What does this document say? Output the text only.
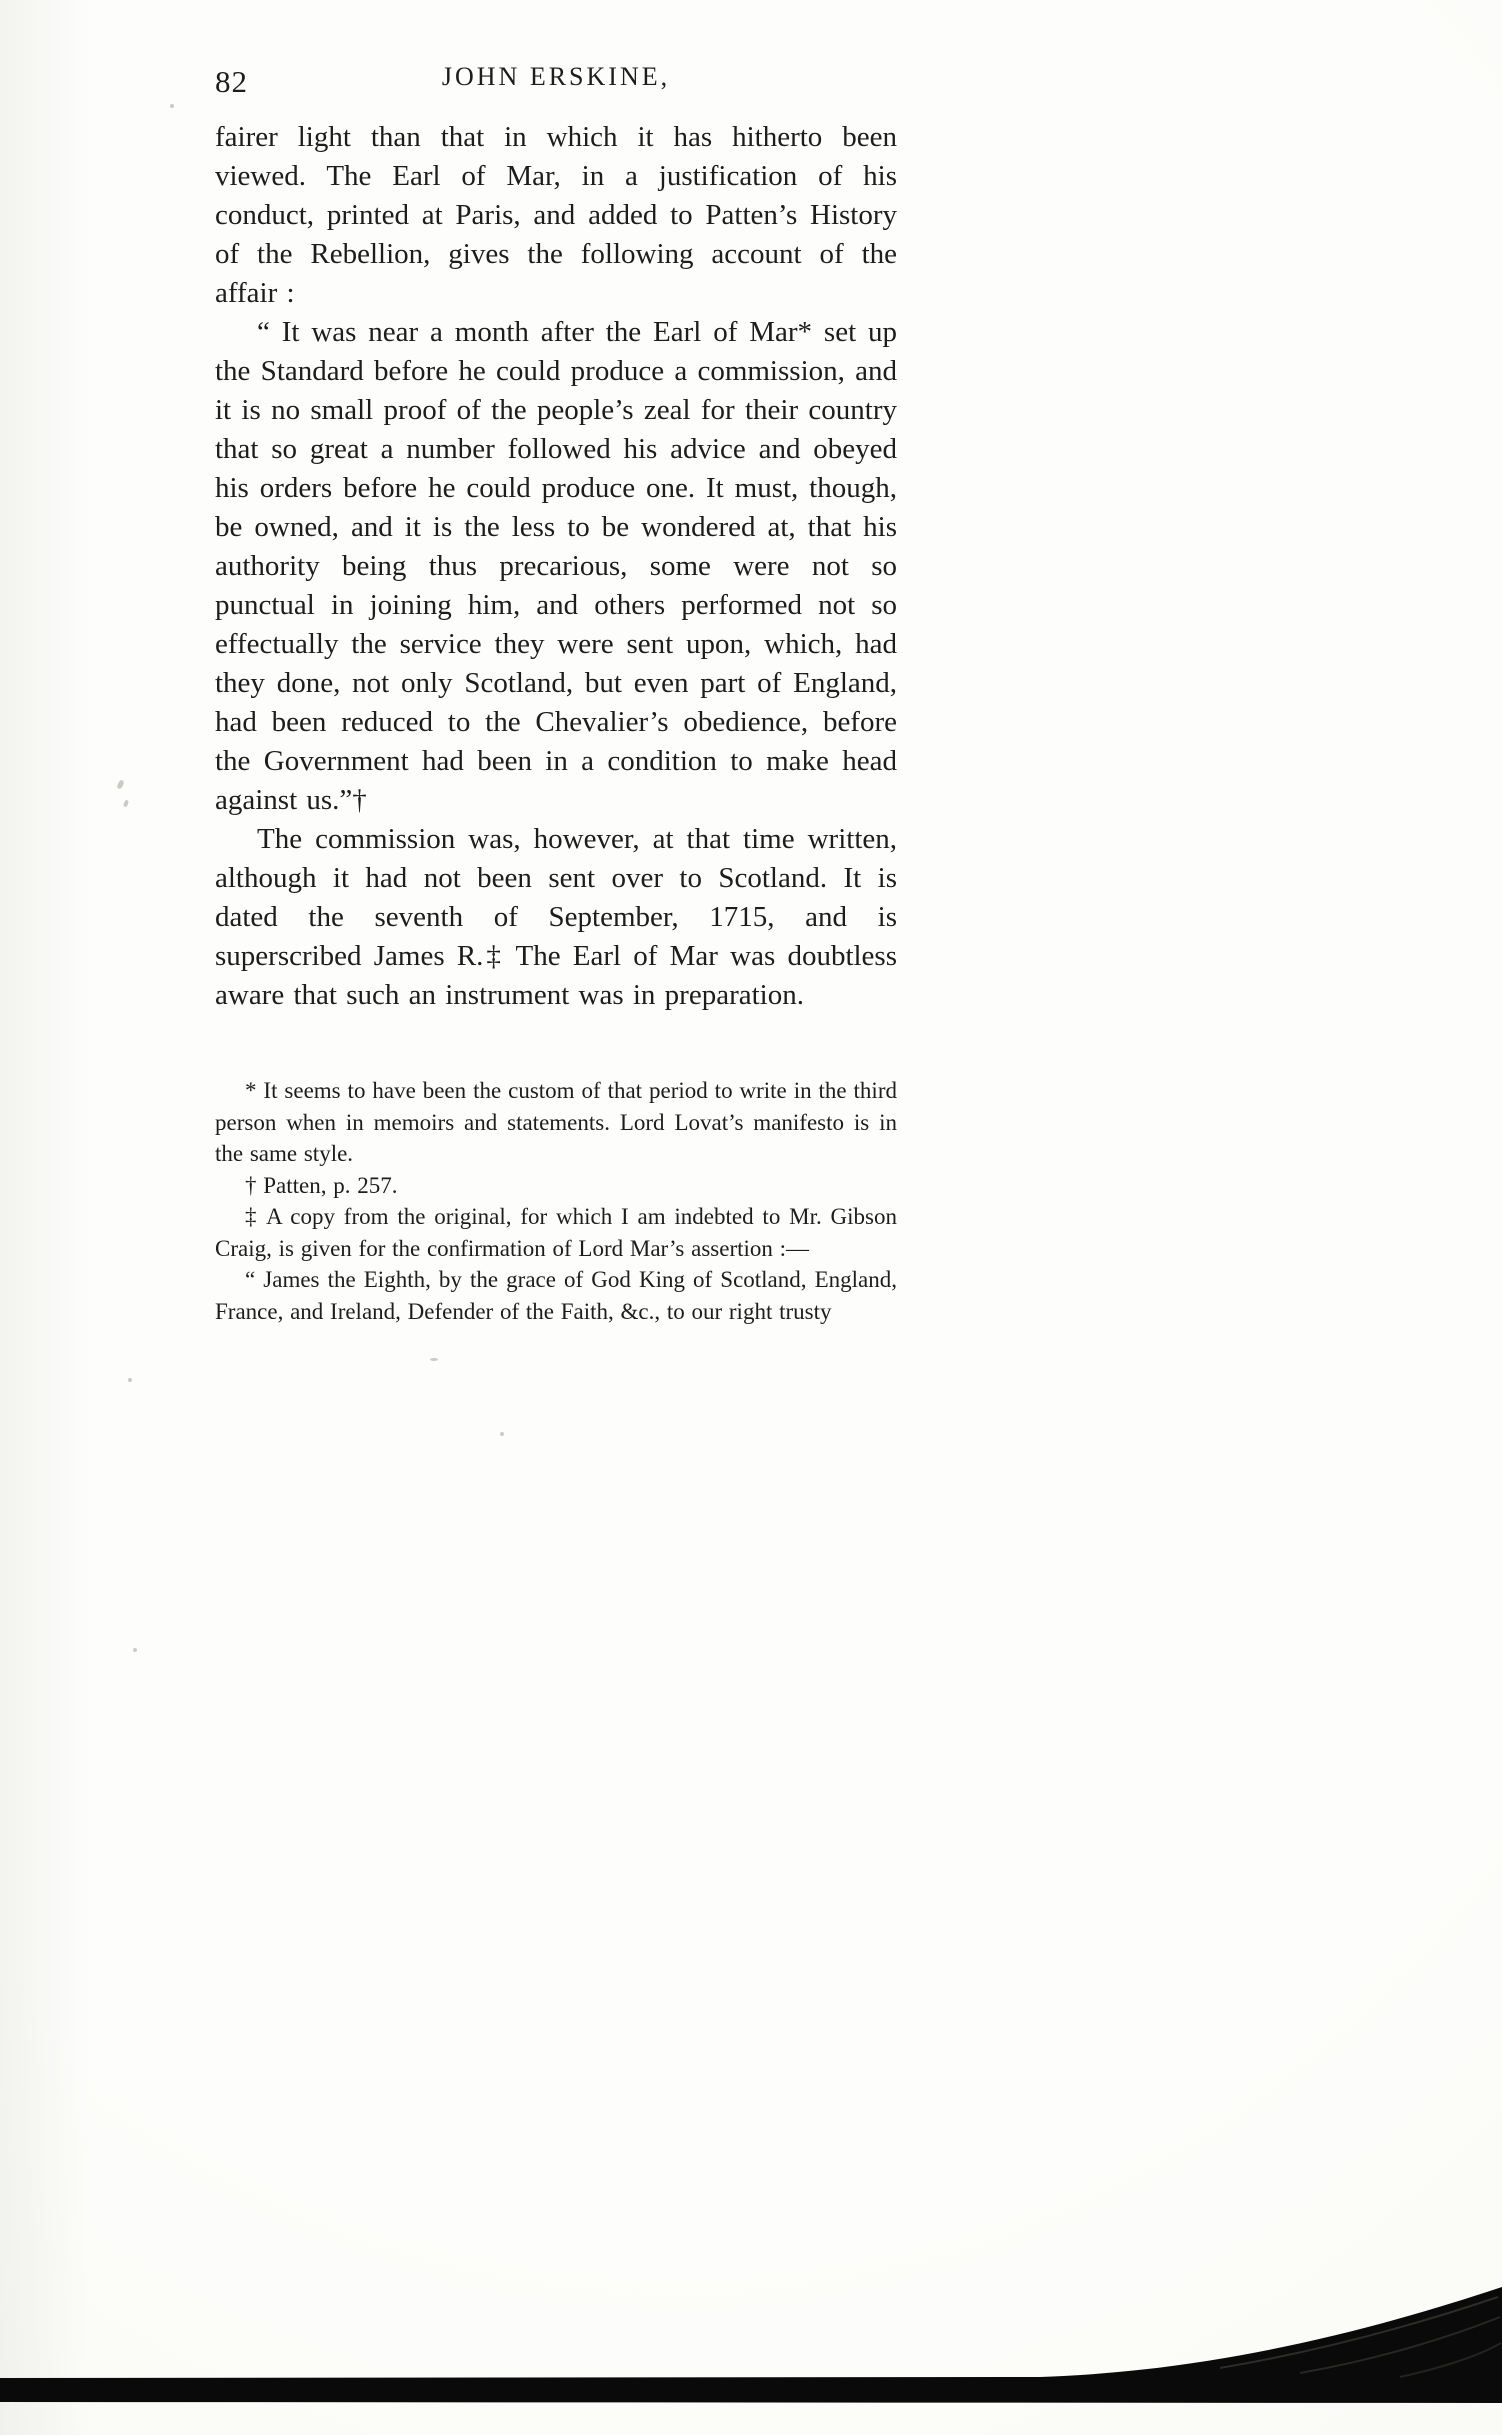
82	JOHN ERSKINE,

fairer light than that in which it has hitherto been viewed. The Earl of Mar, in a justification of his conduct, printed at Paris, and added to Patten’s History of the Rebellion, gives the following account of the affair :

“ It was near a month after the Earl of Mar* set up the Standard before he could produce a commission, and it is no small proof of the people’s zeal for their country that so great a number followed his advice and obeyed his orders before he could produce one. It must, though, be owned, and it is the less to be wondered at, that his authority being thus precarious, some were not so punctual in joining him, and others performed not so effectually the service they were sent upon, which, had they done, not only Scotland, but even part of England, had been reduced to the Chevalier’s obedience, before the Government had been in a condition to make head against us.”†

The commission was, however, at that time written, although it had not been sent over to Scotland. It is dated the seventh of September, 1715, and is superscribed James R.‡ The Earl of Mar was doubtless aware that such an instrument was in preparation.

* It seems to have been the custom of that period to write in the third person when in memoirs and statements. Lord Lovat’s manifesto is in the same style.

† Patten, p. 257.

‡ A copy from the original, for which I am indebted to Mr. Gibson Craig, is given for the confirmation of Lord Mar’s assertion :—

“ James the Eighth, by the grace of God King of Scotland, England, France, and Ireland, Defender of the Faith, &c., to our right trusty
